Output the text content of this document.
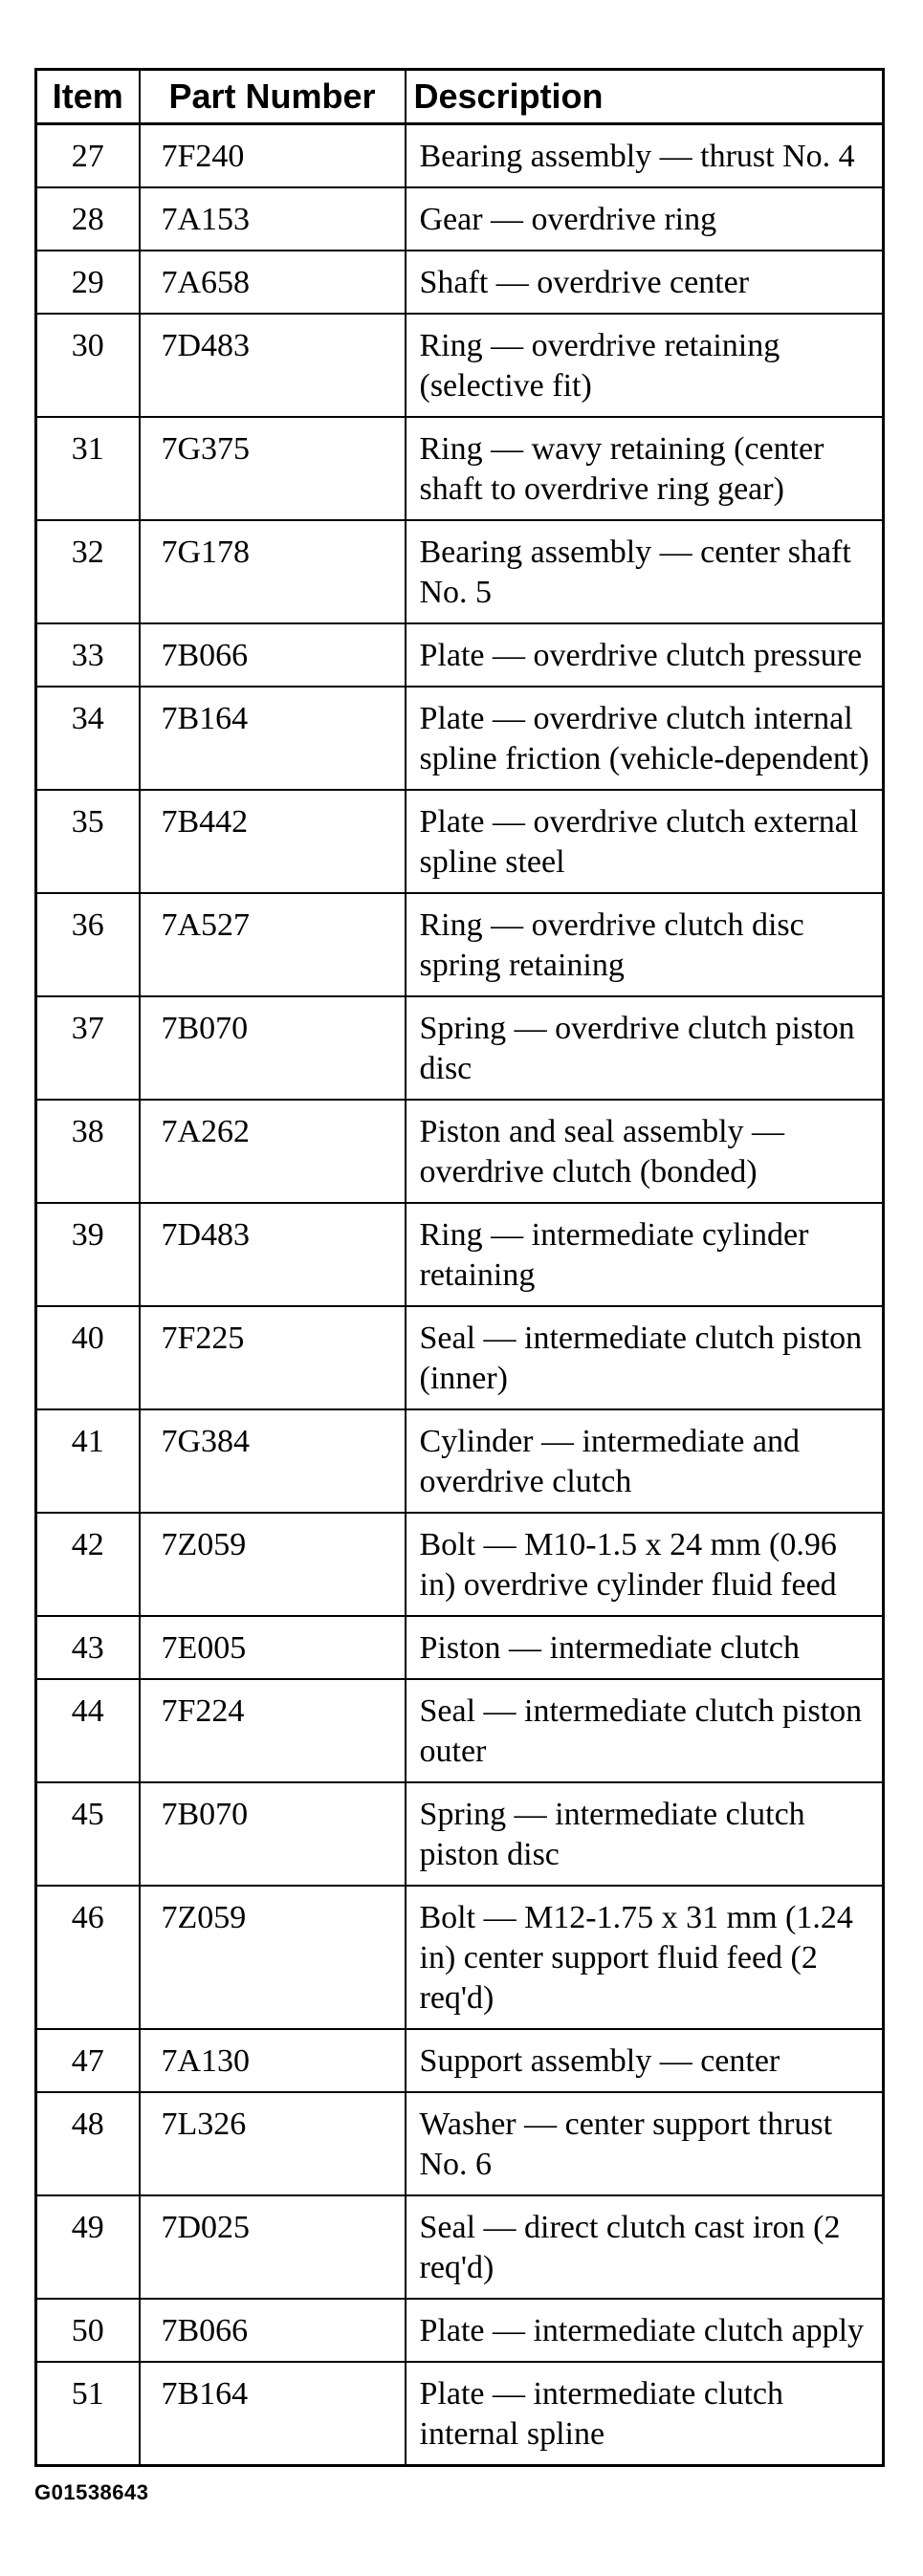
Item	Part Number	Description
27	7F240	Bearing assembly — thrust No. 4
28	7A153	Gear — overdrive ring
29	7A658	Shaft — overdrive center
30	7D483	Ring — overdrive retaining (selective fit)
31	7G375	Ring — wavy retaining (center shaft to overdrive ring gear)
32	7G178	Bearing assembly — center shaft No. 5
33	7B066	Plate — overdrive clutch pressure
34	7B164	Plate — overdrive clutch internal spline friction (vehicle-dependent)
35	7B442	Plate — overdrive clutch external spline steel
36	7A527	Ring — overdrive clutch disc spring retaining
37	7B070	Spring — overdrive clutch piston disc
38	7A262	Piston and seal assembly — overdrive clutch (bonded)
39	7D483	Ring — intermediate cylinder retaining
40	7F225	Seal — intermediate clutch piston (inner)
41	7G384	Cylinder — intermediate and overdrive clutch
42	7Z059	Bolt — M10-1.5 x 24 mm (0.96 in) overdrive cylinder fluid feed
43	7E005	Piston — intermediate clutch
44	7F224	Seal — intermediate clutch piston outer
45	7B070	Spring — intermediate clutch piston disc
46	7Z059	Bolt — M12-1.75 x 31 mm (1.24 in) center support fluid feed (2 req'd)
47	7A130	Support assembly — center
48	7L326	Washer — center support thrust No. 6
49	7D025	Seal — direct clutch cast iron (2 req'd)
50	7B066	Plate — intermediate clutch apply
51	7B164	Plate — intermediate clutch internal spline
G01538643
